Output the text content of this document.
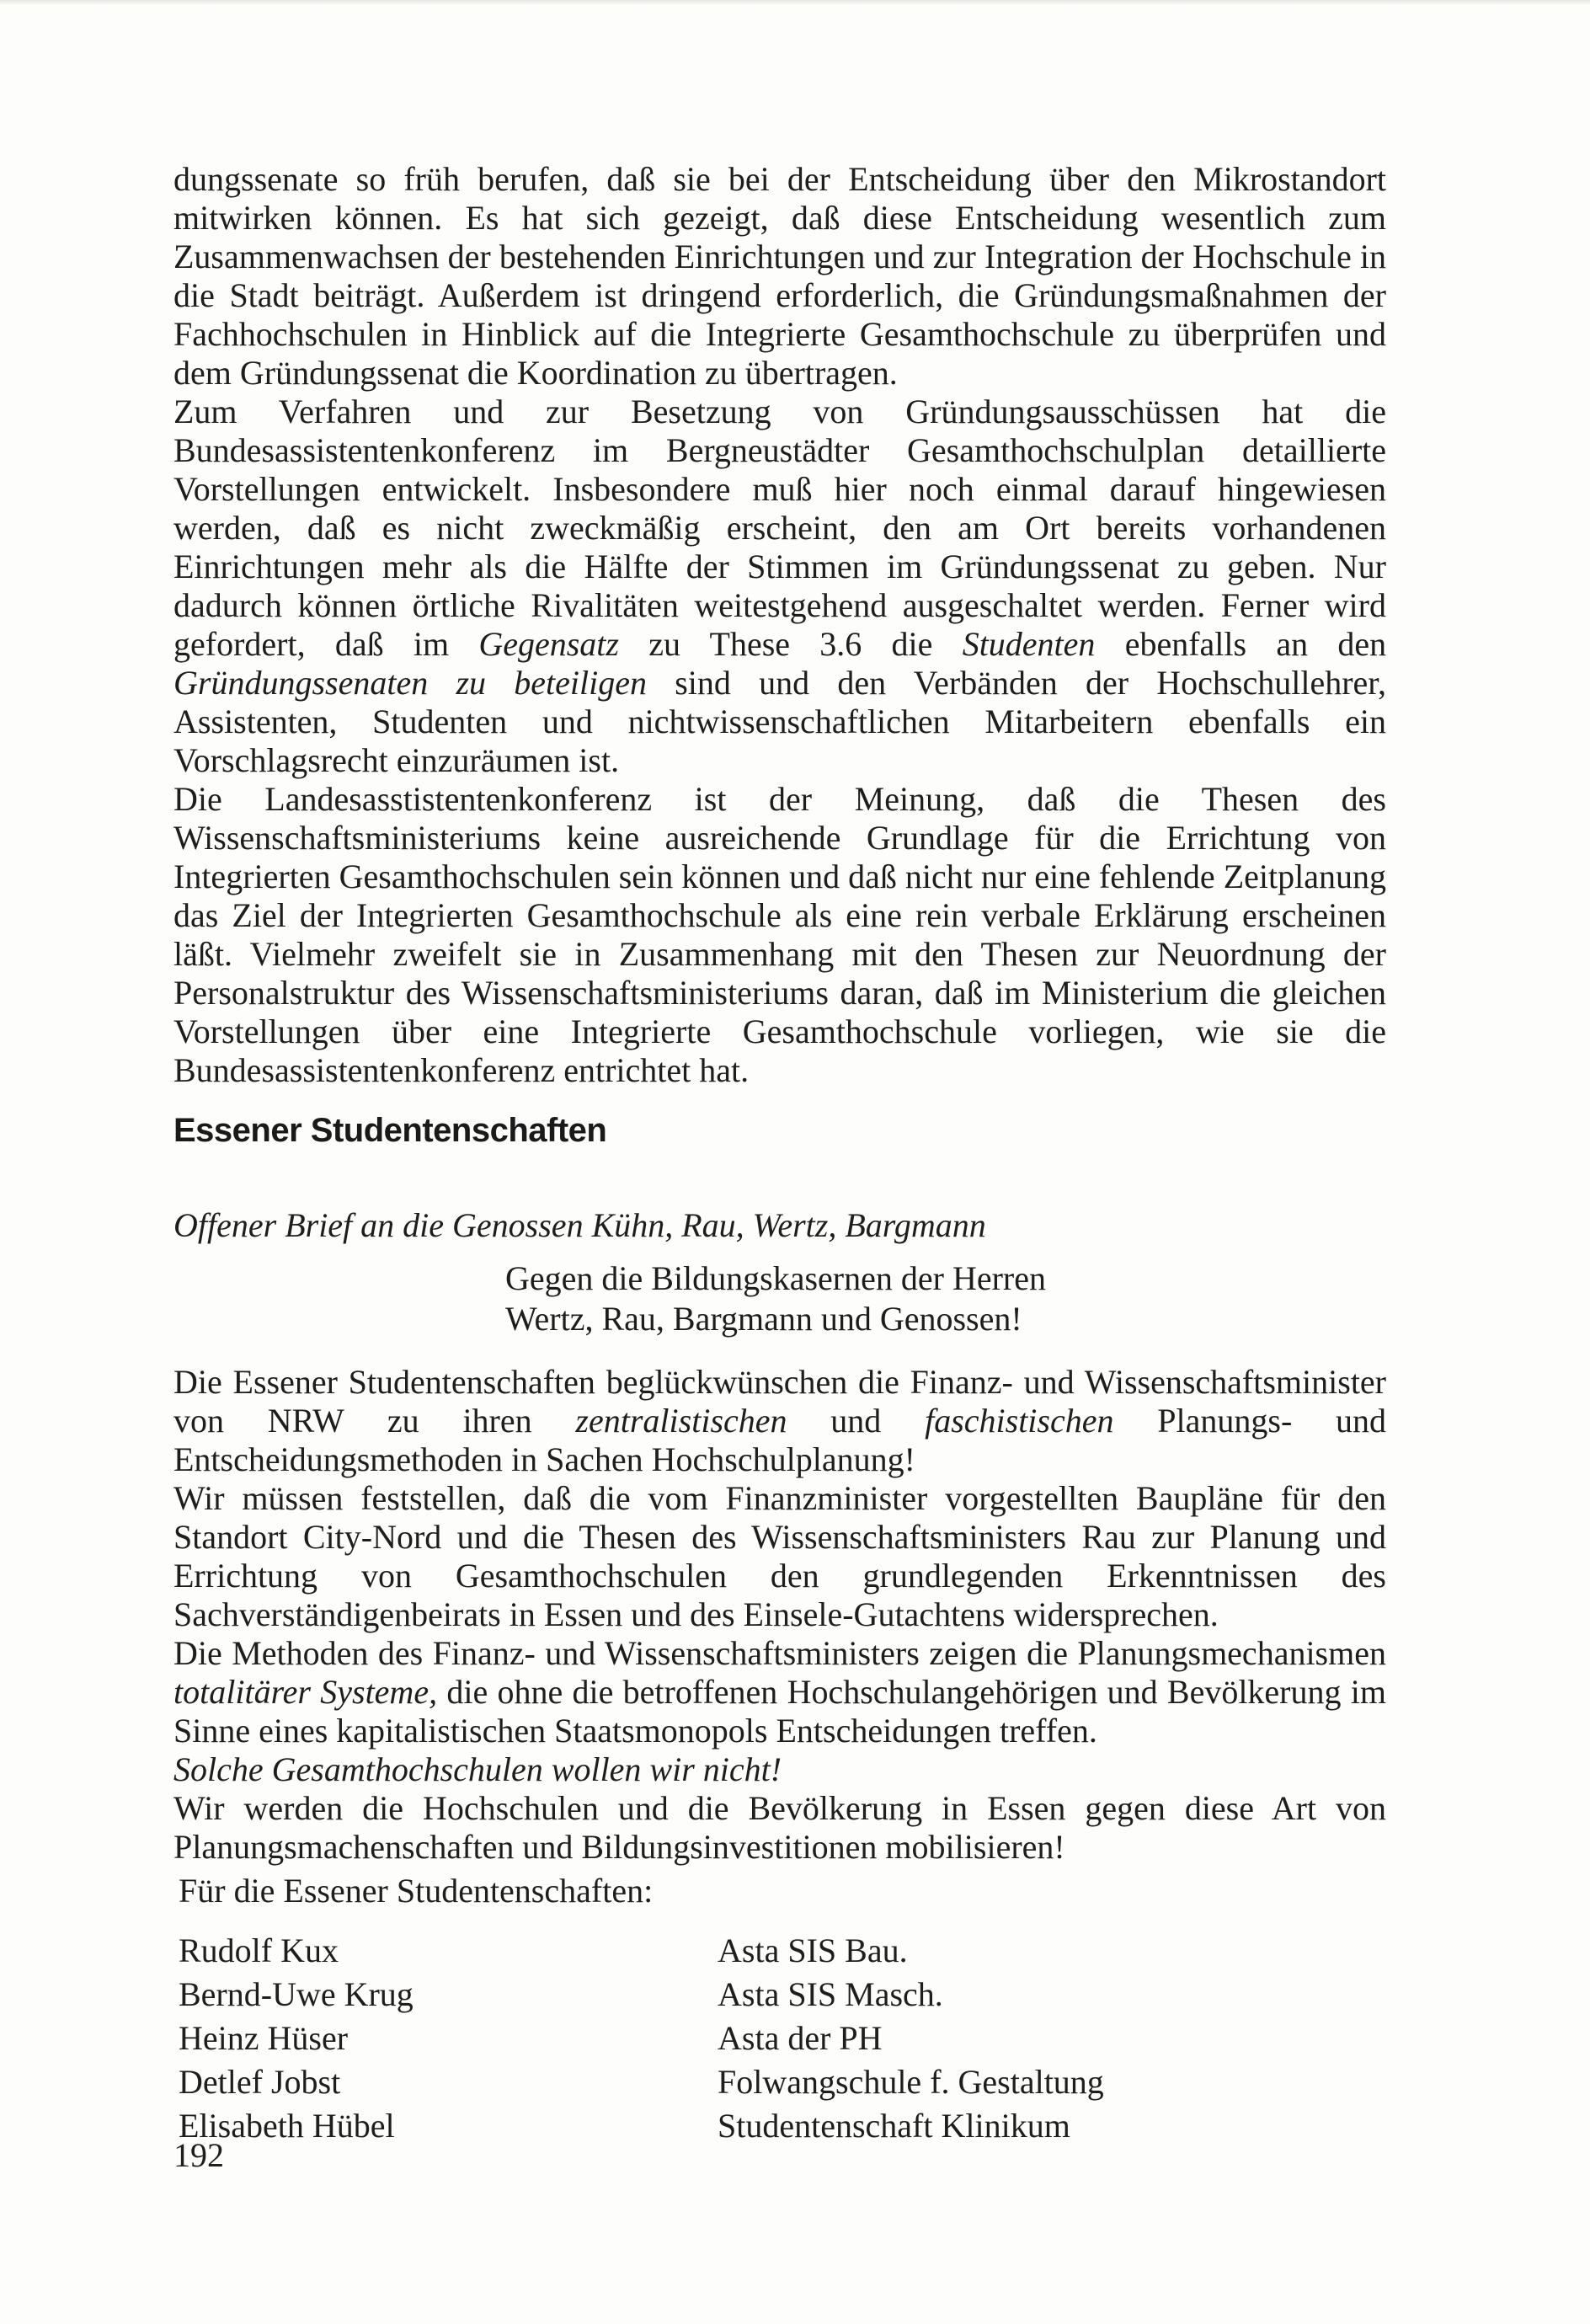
dungssenate so früh berufen, daß sie bei der Entscheidung über den Mikrostandort mitwirken können. Es hat sich gezeigt, daß diese Entscheidung wesentlich zum Zusammenwachsen der bestehenden Einrichtungen und zur Integration der Hochschule in die Stadt beiträgt. Außerdem ist dringend erforderlich, die Gründungsmaßnahmen der Fachhochschulen in Hinblick auf die Integrierte Gesamthochschule zu überprüfen und dem Gründungssenat die Koordination zu übertragen.

Zum Verfahren und zur Besetzung von Gründungsausschüssen hat die Bundesassistentenkonferenz im Bergneustädter Gesamthochschulplan detaillierte Vorstellungen entwickelt. Insbesondere muß hier noch einmal darauf hingewiesen werden, daß es nicht zweckmäßig erscheint, den am Ort bereits vorhandenen Einrichtungen mehr als die Hälfte der Stimmen im Gründungssenat zu geben. Nur dadurch können örtliche Rivalitäten weitestgehend ausgeschaltet werden. Ferner wird gefordert, daß im Gegensatz zu These 3.6 die Studenten ebenfalls an den Gründungssenaten zu beteiligen sind und den Verbänden der Hochschullehrer, Assistenten, Studenten und nichtwissenschaftlichen Mitarbeitern ebenfalls ein Vorschlagsrecht einzuräumen ist.

Die Landesasstistentenkonferenz ist der Meinung, daß die Thesen des Wissenschaftsministeriums keine ausreichende Grundlage für die Errichtung von Integrierten Gesamthochschulen sein können und daß nicht nur eine fehlende Zeitplanung das Ziel der Integrierten Gesamthochschule als eine rein verbale Erklärung erscheinen läßt. Vielmehr zweifelt sie in Zusammenhang mit den Thesen zur Neuordnung der Personalstruktur des Wissenschaftsministeriums daran, daß im Ministerium die gleichen Vorstellungen über eine Integrierte Gesamthochschule vorliegen, wie sie die Bundesassistentenkonferenz entrichtet hat.

Essener Studentenschaften
Offener Brief an die Genossen Kühn, Rau, Wertz, Bargmann
Gegen die Bildungskasernen der Herren
Wertz, Rau, Bargmann und Genossen!

Die Essener Studentenschaften beglückwünschen die Finanz- und Wissenschaftsminister von NRW zu ihren zentralistischen und faschistischen Planungs- und Entscheidungsmethoden in Sachen Hochschulplanung!

Wir müssen feststellen, daß die vom Finanzminister vorgestellten Baupläne für den Standort City-Nord und die Thesen des Wissenschaftsministers Rau zur Planung und Errichtung von Gesamthochschulen den grundlegenden Erkenntnissen des Sachverständigenbeirats in Essen und des Einsele-Gutachtens widersprechen.

Die Methoden des Finanz- und Wissenschaftsministers zeigen die Planungsmechanismen totalitärer Systeme, die ohne die betroffenen Hochschulangehörigen und Bevölkerung im Sinne eines kapitalistischen Staatsmonopols Entscheidungen treffen.

Solche Gesamthochschulen wollen wir nicht!

Wir werden die Hochschulen und die Bevölkerung in Essen gegen diese Art von Planungsmachenschaften und Bildungsinvestitionen mobilisieren!

Für die Essener Studentenschaften:
Rudolf Kux	Asta SIS Bau.
Bernd-Uwe Krug	Asta SIS Masch.
Heinz Hüser	Asta der PH
Detlef Jobst	Folwangschule f. Gestaltung
Elisabeth Hübel	Studentenschaft Klinikum
192
